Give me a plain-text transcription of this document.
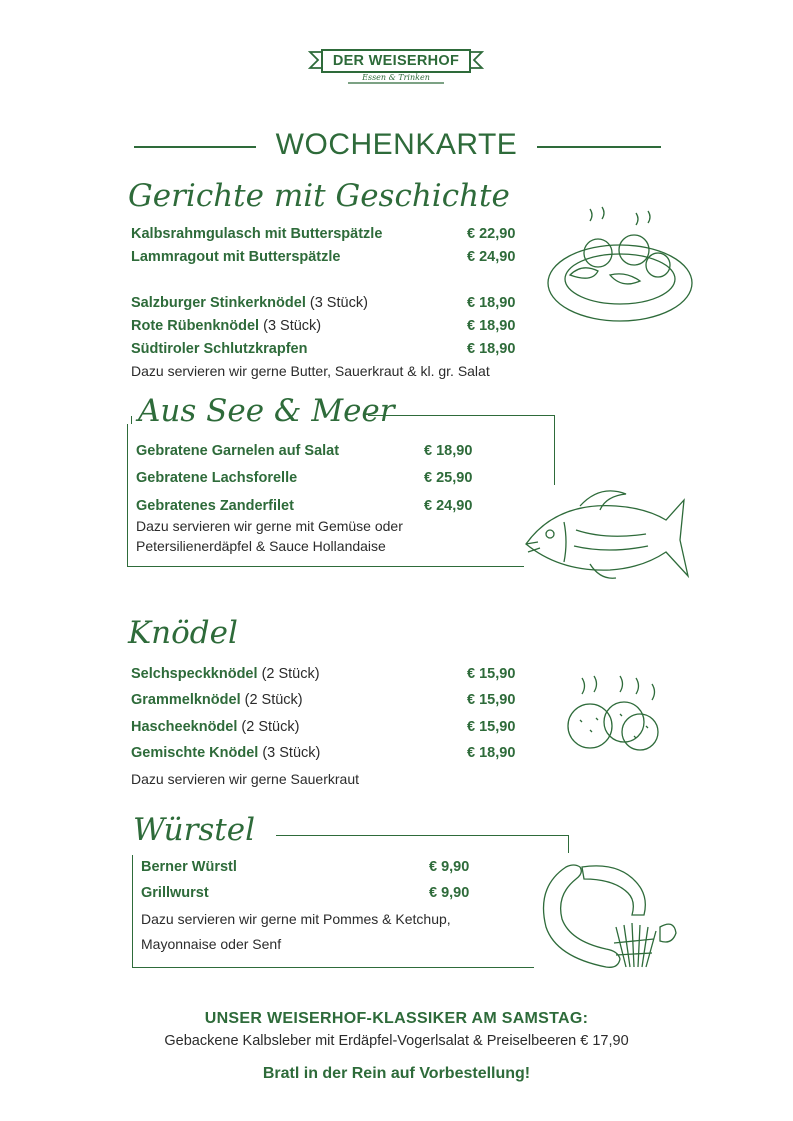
DER WEISERHOF
Essen & Trinken
WOCHENKARTE
Gerichte mit Geschichte
Kalbsrahmgulasch mit Butterspätzle	€ 22,90
Lammragout mit Butterspätzle	€ 24,90
Salzburger Stinkerknödel (3 Stück)	€ 18,90
Rote Rübenknödel (3 Stück)	€ 18,90
Südtiroler Schlutzkrapfen	€ 18,90
Dazu servieren wir gerne Butter, Sauerkraut & kl. gr. Salat
Aus See & Meer
Gebratene Garnelen auf Salat	€ 18,90
Gebratene Lachsforelle	€ 25,90
Gebratenes Zanderfilet	€ 24,90
Dazu servieren wir gerne mit Gemüse oder
Petersilienerdäpfel & Sauce Hollandaise
Knödel
Selchspeckknödel (2 Stück)	€ 15,90
Grammelknödel (2 Stück)	€ 15,90
Hascheeknödel (2 Stück)	€ 15,90
Gemischte Knödel (3 Stück)	€ 18,90
Dazu servieren wir gerne Sauerkraut
Würstel
Berner Würstl	€ 9,90
Grillwurst	€ 9,90
Dazu servieren wir gerne mit Pommes & Ketchup,
Mayonnaise oder Senf
UNSER WEISERHOF-KLASSIKER AM SAMSTAG:
Gebackene Kalbsleber mit Erdäpfel-Vogerlsalat & Preiselbeeren € 17,90
Bratl in der Rein auf Vorbestellung!
